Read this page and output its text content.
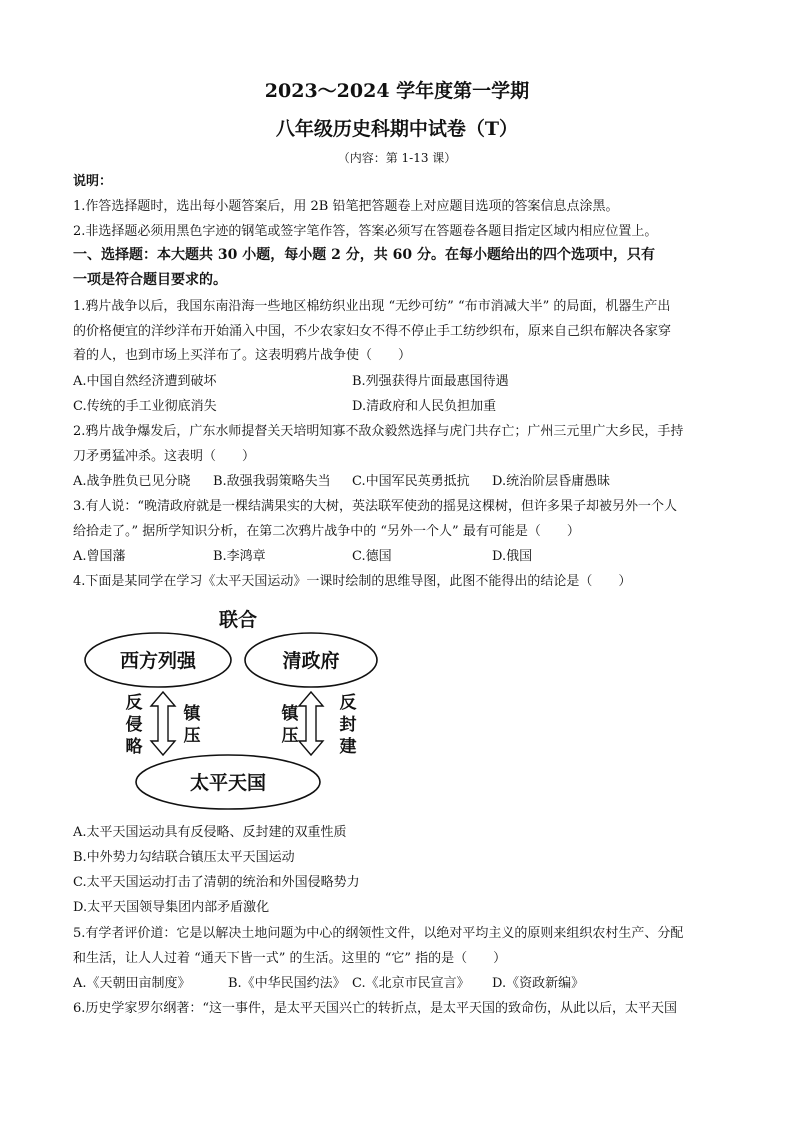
2023～2024 学年度第一学期
八年级历史科期中试卷（T）
（内容：第 1-13 课）
说明：
1.作答选择题时，选出每小题答案后，用 2B 铅笔把答题卷上对应题目选项的答案信息点涂黑。
2.非选择题必须用黑色字迹的钢笔或签字笔作答，答案必须写在答题卷各题目指定区域内相应位置上。
一、选择题：本大题共 30 小题，每小题 2 分，共 60 分。在每小题给出的四个选项中，只有
一项是符合题目要求的。
1.鸦片战争以后，我国东南沿海一些地区棉纺织业出现 “无纱可纺” “布市消减大半” 的局面，机器生产出
的价格便宜的洋纱洋布开始涌入中国，不少农家妇女不得不停止手工纺纱织布，原来自己织布解决各家穿
着的人，也到市场上买洋布了。这表明鸦片战争使（　　）
A.中国自然经济遭到破坏	B.列强获得片面最惠国待遇
C.传统的手工业彻底消失	D.清政府和人民负担加重
2.鸦片战争爆发后，广东水师提督关天培明知寡不敌众毅然选择与虎门共存亡；广州三元里广大乡民，手持
刀矛勇猛冲杀。这表明（　　）
A.战争胜负已见分晓 B.敌强我弱策略失当 C.中国军民英勇抵抗 D.统治阶层昏庸愚昧
3.有人说：“晚清政府就是一棵结满果实的大树，英法联军使劲的摇晃这棵树，但许多果子却被另外一个人
给拾走了。” 据所学知识分析，在第二次鸦片战争中的 “另外一个人” 最有可能是（　　）
A.曾国藩	B.李鸿章	C.德国	D.俄国
4.下面是某同学在学习《太平天国运动》一课时绘制的思维导图，此图不能得出的结论是（　　）
联合
西方列强	清政府
太平天国
反
侵
略
镇
压
镇
压
反
封
建
A.太平天国运动具有反侵略、反封建的双重性质
B.中外势力勾结联合镇压太平天国运动
C.太平天国运动打击了清朝的统治和外国侵略势力
D.太平天国领导集团内部矛盾激化
5.有学者评价道：它是以解决土地问题为中心的纲领性文件，以绝对平均主义的原则来组织农村生产、分配
和生活，让人人过着 “通天下皆一式” 的生活。这里的 “它” 指的是（　　）
A.《天朝田亩制度》	B.《中华民国约法》 C.《北京市民宣言》 D.《资政新编》
6.历史学家罗尔纲著：“这一事件，是太平天国兴亡的转折点，是太平天国的致命伤，从此以后，太平天国
